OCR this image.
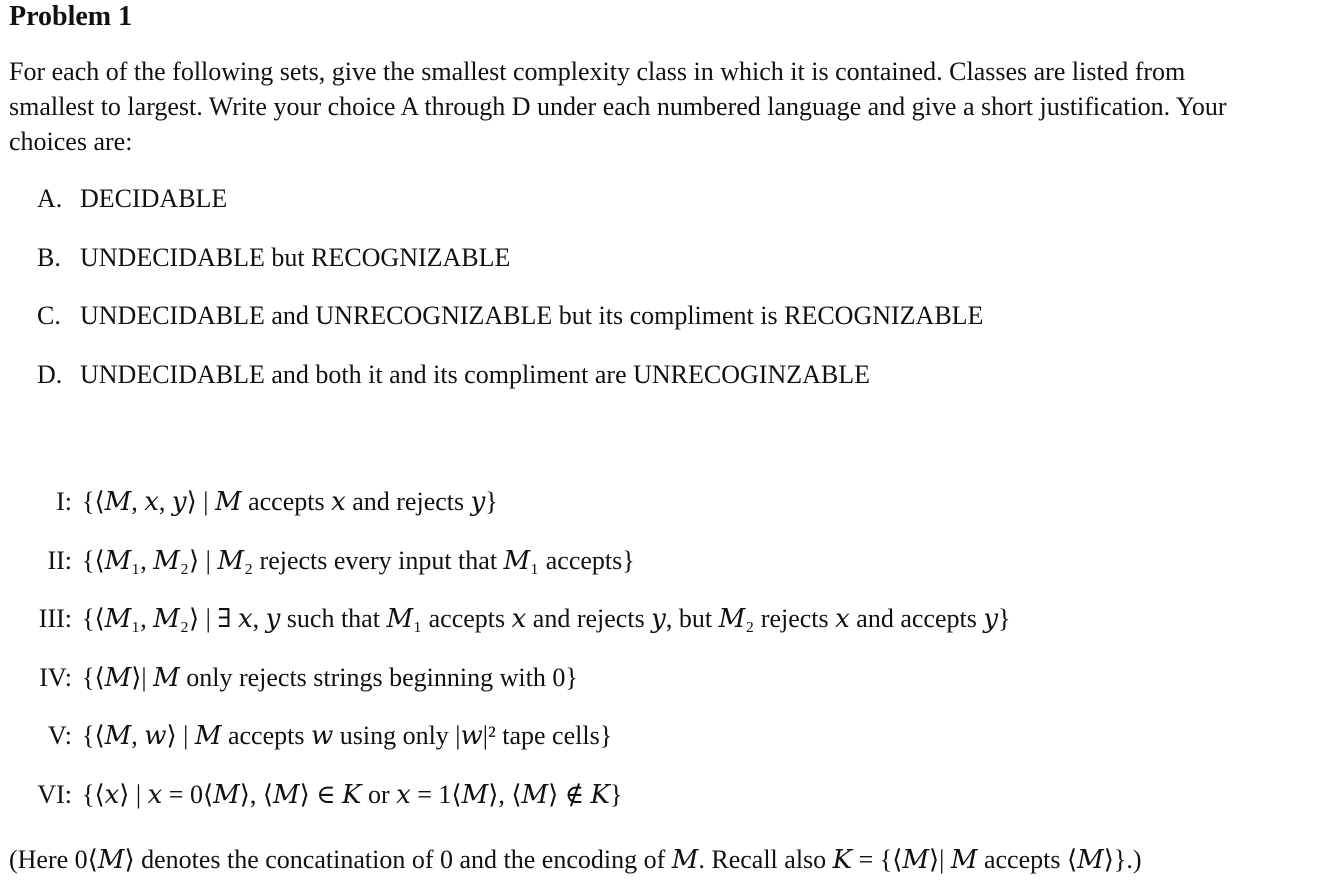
Problem 1

For each of the following sets, give the smallest complexity class in which it is contained. Classes are listed from smallest to largest. Write your choice A through D under each numbered language and give a short justification. Your choices are:

A. DECIDABLE
B. UNDECIDABLE but RECOGNIZABLE
C. UNDECIDABLE and UNRECOGNIZABLE but its compliment is RECOGNIZABLE
D. UNDECIDABLE and both it and its compliment are UNRECOGINZABLE
I: {⟨𝑀, 𝑥, 𝑦⟩ | 𝑀 accepts 𝑥 and rejects 𝑦}
II: {⟨𝑀₁, 𝑀₂⟩ | 𝑀₂ rejects every input that 𝑀₁ accepts}
III: {⟨𝑀₁, 𝑀₂⟩ | ∃ 𝑥, 𝑦 such that 𝑀₁ accepts 𝑥 and rejects 𝑦, but 𝑀₂ rejects 𝑥 and accepts 𝑦}
IV: {⟨𝑀⟩| 𝑀 only rejects strings beginning with 0}
V: {⟨𝑀, 𝑤⟩ | 𝑀 accepts 𝑤 using only |𝑤|² tape cells}
VI: {⟨𝑥⟩ | 𝑥 = 0⟨𝑀⟩, ⟨𝑀⟩ ∈ 𝐾 or 𝑥 = 1⟨𝑀⟩, ⟨𝑀⟩ ∉ 𝐾}

(Here 0⟨𝑀⟩ denotes the concatination of 0 and the encoding of 𝑀. Recall also 𝐾 = {⟨𝑀⟩| 𝑀 accepts ⟨𝑀⟩}.)
